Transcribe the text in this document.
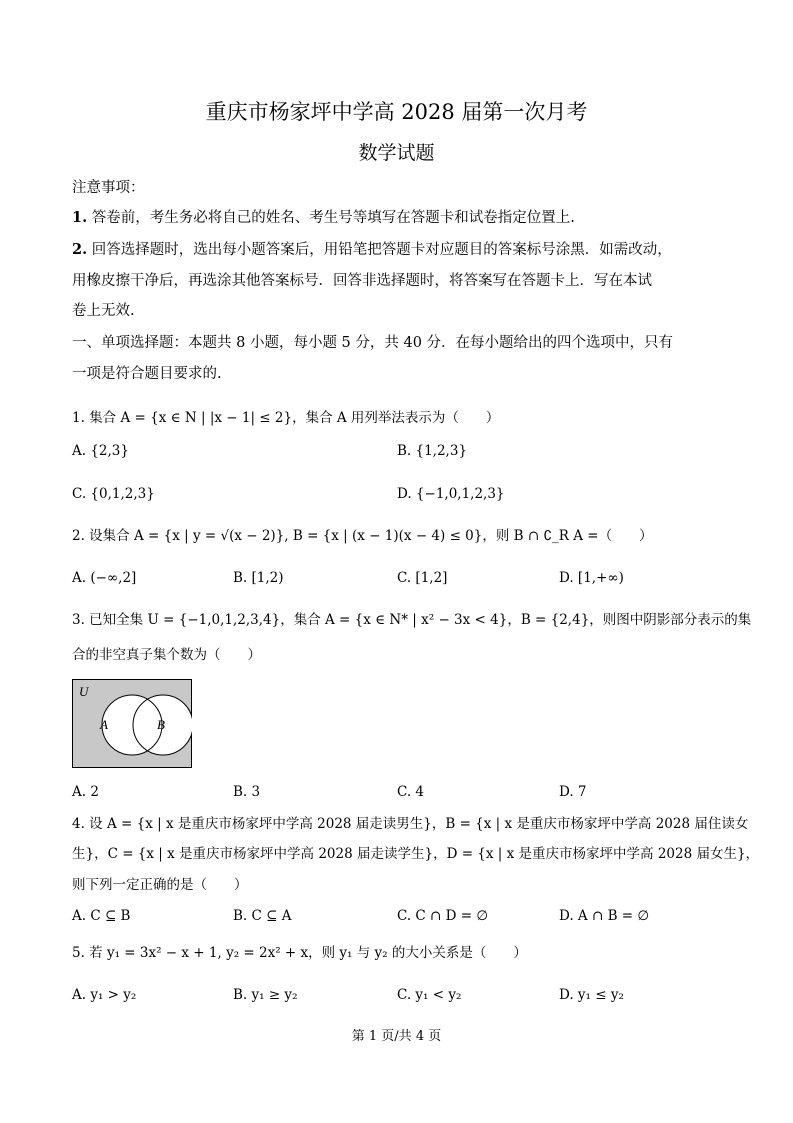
重庆市杨家坪中学高 2028 届第一次月考
数学试题
注意事项：
1. 答卷前，考生务必将自己的姓名、考生号等填写在答题卡和试卷指定位置上.
2. 回答选择题时，选出每小题答案后，用铅笔把答题卡对应题目的答案标号涂黑．如需改动，
用橡皮擦干净后，再选涂其他答案标号．回答非选择题时，将答案写在答题卡上．写在本试
卷上无效.
一、单项选择题：本题共 8 小题，每小题 5 分，共 40 分．在每小题给出的四个选项中，只有
一项是符合题目要求的.
1. 集合 A = {x ∈ N | |x − 1| ≤ 2}，集合 A 用列举法表示为（　　）
A. {2,3}	B. {1,2,3}
C. {0,1,2,3}	D. {−1,0,1,2,3}
2. 设集合 A = {x | y = √(x − 2)}, B = {x | (x − 1)(x − 4) ≤ 0}，则 B ∩ ∁_R A =（　　）
A. (−∞,2]	B. [1,2)	C. [1,2]	D. [1,+∞)
3. 已知全集 U = {−1,0,1,2,3,4}，集合 A = {x ∈ N* | x² − 3x < 4}，B = {2,4}，则图中阴影部分表示的集
合的非空真子集个数为（　　）
U
A	B
A. 2	B. 3	C. 4	D. 7
4. 设 A = {x | x 是重庆市杨家坪中学高 2028 届走读男生}，B = {x | x 是重庆市杨家坪中学高 2028 届住读女
生}，C = {x | x 是重庆市杨家坪中学高 2028 届走读学生}，D = {x | x 是重庆市杨家坪中学高 2028 届女生}，
则下列一定正确的是（　　）
A. C ⊆ B	B. C ⊆ A	C. C ∩ D = ∅	D. A ∩ B = ∅
5. 若 y₁ = 3x² − x + 1, y₂ = 2x² + x，则 y₁ 与 y₂ 的大小关系是（　　）
A. y₁ > y₂	B. y₁ ≥ y₂	C. y₁ < y₂	D. y₁ ≤ y₂
第 1 页/共 4 页
